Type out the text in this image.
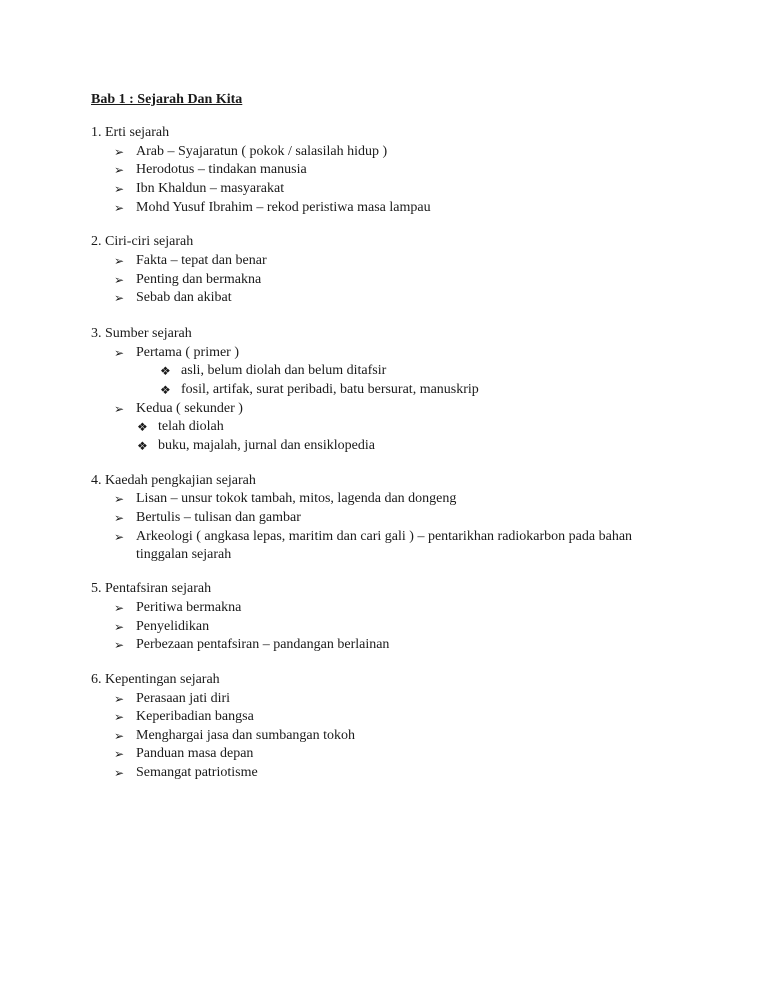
Bab 1 : Sejarah Dan Kita
1. Erti sejarah
➢ Arab – Syajaratun ( pokok / salasilah hidup )
➢ Herodotus – tindakan manusia
➢ Ibn Khaldun – masyarakat
➢ Mohd Yusuf Ibrahim – rekod peristiwa masa lampau
2. Ciri-ciri sejarah
➢ Fakta – tepat dan benar
➢ Penting dan bermakna
➢ Sebab dan akibat
3. Sumber sejarah
➢ Pertama ( primer )
❖ asli, belum diolah dan belum ditafsir
❖ fosil, artifak, surat peribadi, batu bersurat, manuskrip
➢ Kedua ( sekunder )
❖ telah diolah
❖ buku, majalah, jurnal dan ensiklopedia
4. Kaedah pengkajian sejarah
➢ Lisan – unsur tokok tambah, mitos, lagenda dan dongeng
➢ Bertulis – tulisan dan gambar
➢ Arkeologi ( angkasa lepas, maritim dan cari gali ) – pentarikhan radiokarbon pada bahan
tinggalan sejarah
5. Pentafsiran sejarah
➢ Peritiwa bermakna
➢ Penyelidikan
➢ Perbezaan pentafsiran – pandangan berlainan
6. Kepentingan sejarah
➢ Perasaan jati diri
➢ Keperibadian bangsa
➢ Menghargai jasa dan sumbangan tokoh
➢ Panduan masa depan
➢ Semangat patriotisme
